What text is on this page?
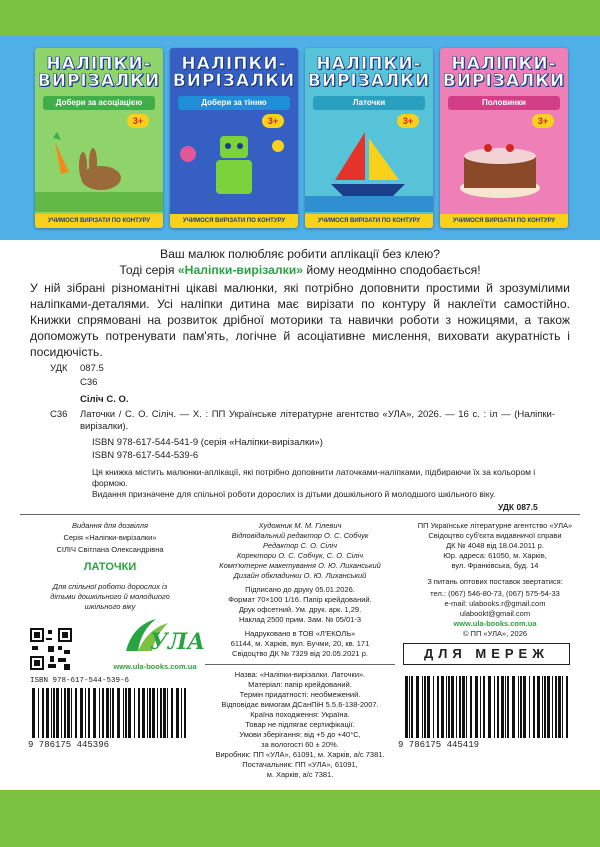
НАЛІПКИ-ВИРІЗАЛКИ
Добери за асоціацією
3+
УЧИМОСЯ ВИРІЗАТИ ПО КОНТУРУ
НАЛІПКИ-ВИРІЗАЛКИ
Добери за тінню
3+
УЧИМОСЯ ВИРІЗАТИ ПО КОНТУРУ
НАЛІПКИ-ВИРІЗАЛКИ
Латочки
3+
УЧИМОСЯ ВИРІЗАТИ ПО КОНТУРУ
НАЛІПКИ-ВИРІЗАЛКИ
Половинки
3+
УЧИМОСЯ ВИРІЗАТИ ПО КОНТУРУ
Ваш малюк полюбляє робити аплікації без клею?
Тоді серія «Наліпки-вирізалки» йому неодмінно сподобається!
У ній зібрані різноманітні цікаві малюнки, які потрібно доповнити простими й зрозумілими наліпками-деталями. Усі наліпки дитина має вирізати по контуру й наклеїти самостійно. Книжки спрямовані на розвиток дрібної моторики та навички роботи з ножицями, а також допоможуть потренувати пам'ять, логічне й асоціативне мислення, виховати акуратність і посидючість.
УДК 087.5
С36
Сіліч С. О.
С36 Латочки / С. О. Сіліч. — Х. : ПП Українське літературне агентство «УЛА», 2026. — 16 с. : іл — (Наліпки-вирізалки).
ISBN 978-617-544-541-9 (серія «Наліпки-вирізалки»)
ISBN 978-617-544-539-6
Ця книжка містить малюнки-аплікації, які потрібно доповнити латочками-наліпками, підбираючи їх за кольором і формою.
Видання призначене для спільної роботи дорослих із дітьми дошкільного й молодшого шкільного віку.
УДК 087.5
Видання для дозвілля
Серія «Наліпки-вирізалки»
СІЛІЧ Світлана Олександрівна
ЛАТОЧКИ
Для спільної роботи дорослих із дітьми дошкільного й молодшого шкільного віку
УЛА
www.ula-books.com.ua
ISBN 978-617-544-539-6
9 786175 445396
Художник М. М. Гілевич
Відповідальний редактор О. С. Собчук
Редактор С. О. Сіліч
Коректори О. С. Собчук, С. О. Сіліч
Комп'ютерне макетування О. Ю. Лиханський
Дизайн обкладинки О. Ю. Лиханський
Підписано до друку 05.01.2026.
Формат 70×100 1/16. Папір крейдований.
Друк офсетний. Ум. друк. арк. 1,29.
Наклад 2500 прим. Зам. № 05/01-3
Надруковано в ТОВ «Л'ЕКОЛЬ»
61144, м. Харків, вул. Бучми, 20, кв. 171
Свідоцтво ДК № 7329 від 20.05.2021 р.
Назва: «Наліпки-вирізалки. Латочки».
Матеріал: папір крейдований.
Термін придатності: необмежений.
Відповідає вимогам ДСанПіН 5.5.6-138-2007.
Країна походження: Україна.
Товар не підлягає сертифікації.
Умови зберігання: від +5 до +40°С,
за вологості 60 ± 20%.
Виробник: ПП «УЛА», 61091, м. Харків, а/с 7381.
Постачальник: ПП «УЛА», 61091,
м. Харків, а/с 7381.
ПП Українське літературне агентство «УЛА»
Свідоцтво суб'єкта видавничої справи
ДК № 4048 від 18.04.2011 р.
Юр. адреса: 61050, м. Харків,
вул. Франківська, буд. 14
З питань оптових поставок звертатися:
тел.: (067) 546-80-73, (067) 575-54-33
e-mail: ulabooks.r@gmail.com
ulabookt@gmail.com
www.ula-books.com.ua
© ПП «УЛА», 2026
ДЛЯ МЕРЕЖ
9 786175 445419
